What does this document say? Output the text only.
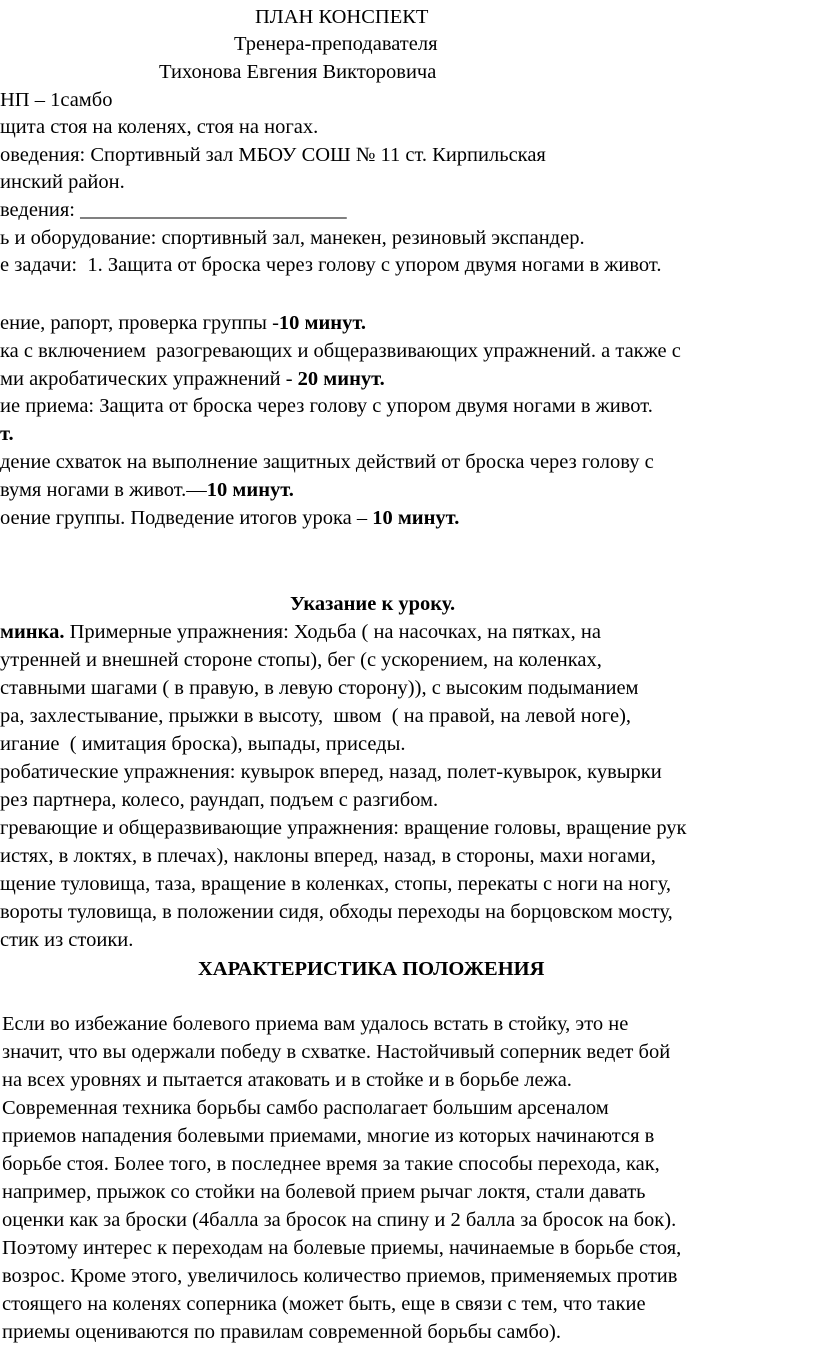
ПЛАН КОНСПЕКТ
Тренера-преподавателя
Тихонова Евгения Викторовича
НП – 1самбо
щита стоя на коленях, стоя на ногах.
оведения: Спортивный зал МБОУ СОШ № 11 ст. Кирпильская
инский район.
ведения: __________________________
ь и оборудование: спортивный зал, манекен, резиновый экспандер.
е задачи:  1. Защита от броска через голову с упором двумя ногами в живот.
ение, рапорт, проверка группы -10 минут.
ка с включением  разогревающих и общеразвивающих упражнений. а также с
ми акробатических упражнений - 20 минут.
ие приема: Защита от броска через голову с упором двумя ногами в живот.
т.
дение схваток на выполнение защитных действий от броска через голову с
вумя ногами в живот.—10 минут.
оение группы. Подведение итогов урока – 10 минут.
Указание к уроку.
минка. Примерные упражнения: Ходьба ( на насочках, на пятках, на
утренней и внешней стороне стопы), бег (с ускорением, на коленках,
ставными шагами ( в правую, в левую сторону)), с высоким подыманием
ра, захлестывание, прыжки в высоту,  швом  ( на правой, на левой ноге),
игание  ( имитация броска), выпады, приседы.
робатические упражнения: кувырок вперед, назад, полет-кувырок, кувырки
рез партнера, колесо, раундап, подъем с разгибом.
гревающие и общеразвивающие упражнения: вращение головы, вращение рук
истях, в локтях, в плечах), наклоны вперед, назад, в стороны, махи ногами,
щение туловища, таза, вращение в коленках, стопы, перекаты с ноги на ногу,
вороты туловища, в положении сидя, обходы переходы на борцовском мосту,
стик из стоики.
ХАРАКТЕРИСТИКА ПОЛОЖЕНИЯ
Если во избежание болевого приема вам удалось встать в стойку, это не
значит, что вы одержали победу в схватке. Настойчивый соперник ведет бой
на всех уровнях и пытается атаковать и в стойке и в борьбе лежа.
Современная техника борьбы самбо располагает большим арсеналом
приемов нападения болевыми приемами, многие из которых начинаются в
борьбе стоя. Более того, в последнее время за такие способы перехода, как,
например, прыжок со стойки на болевой прием рычаг локтя, стали давать
оценки как за броски (4балла за бросок на спину и 2 балла за бросок на бок).
Поэтому интерес к переходам на болевые приемы, начинаемые в борьбе стоя,
возрос. Кроме этого, увеличилось количество приемов, применяемых против
стоящего на коленях соперника (может быть, еще в связи с тем, что такие
приемы оцениваются по правилам современной борьбы самбо).
